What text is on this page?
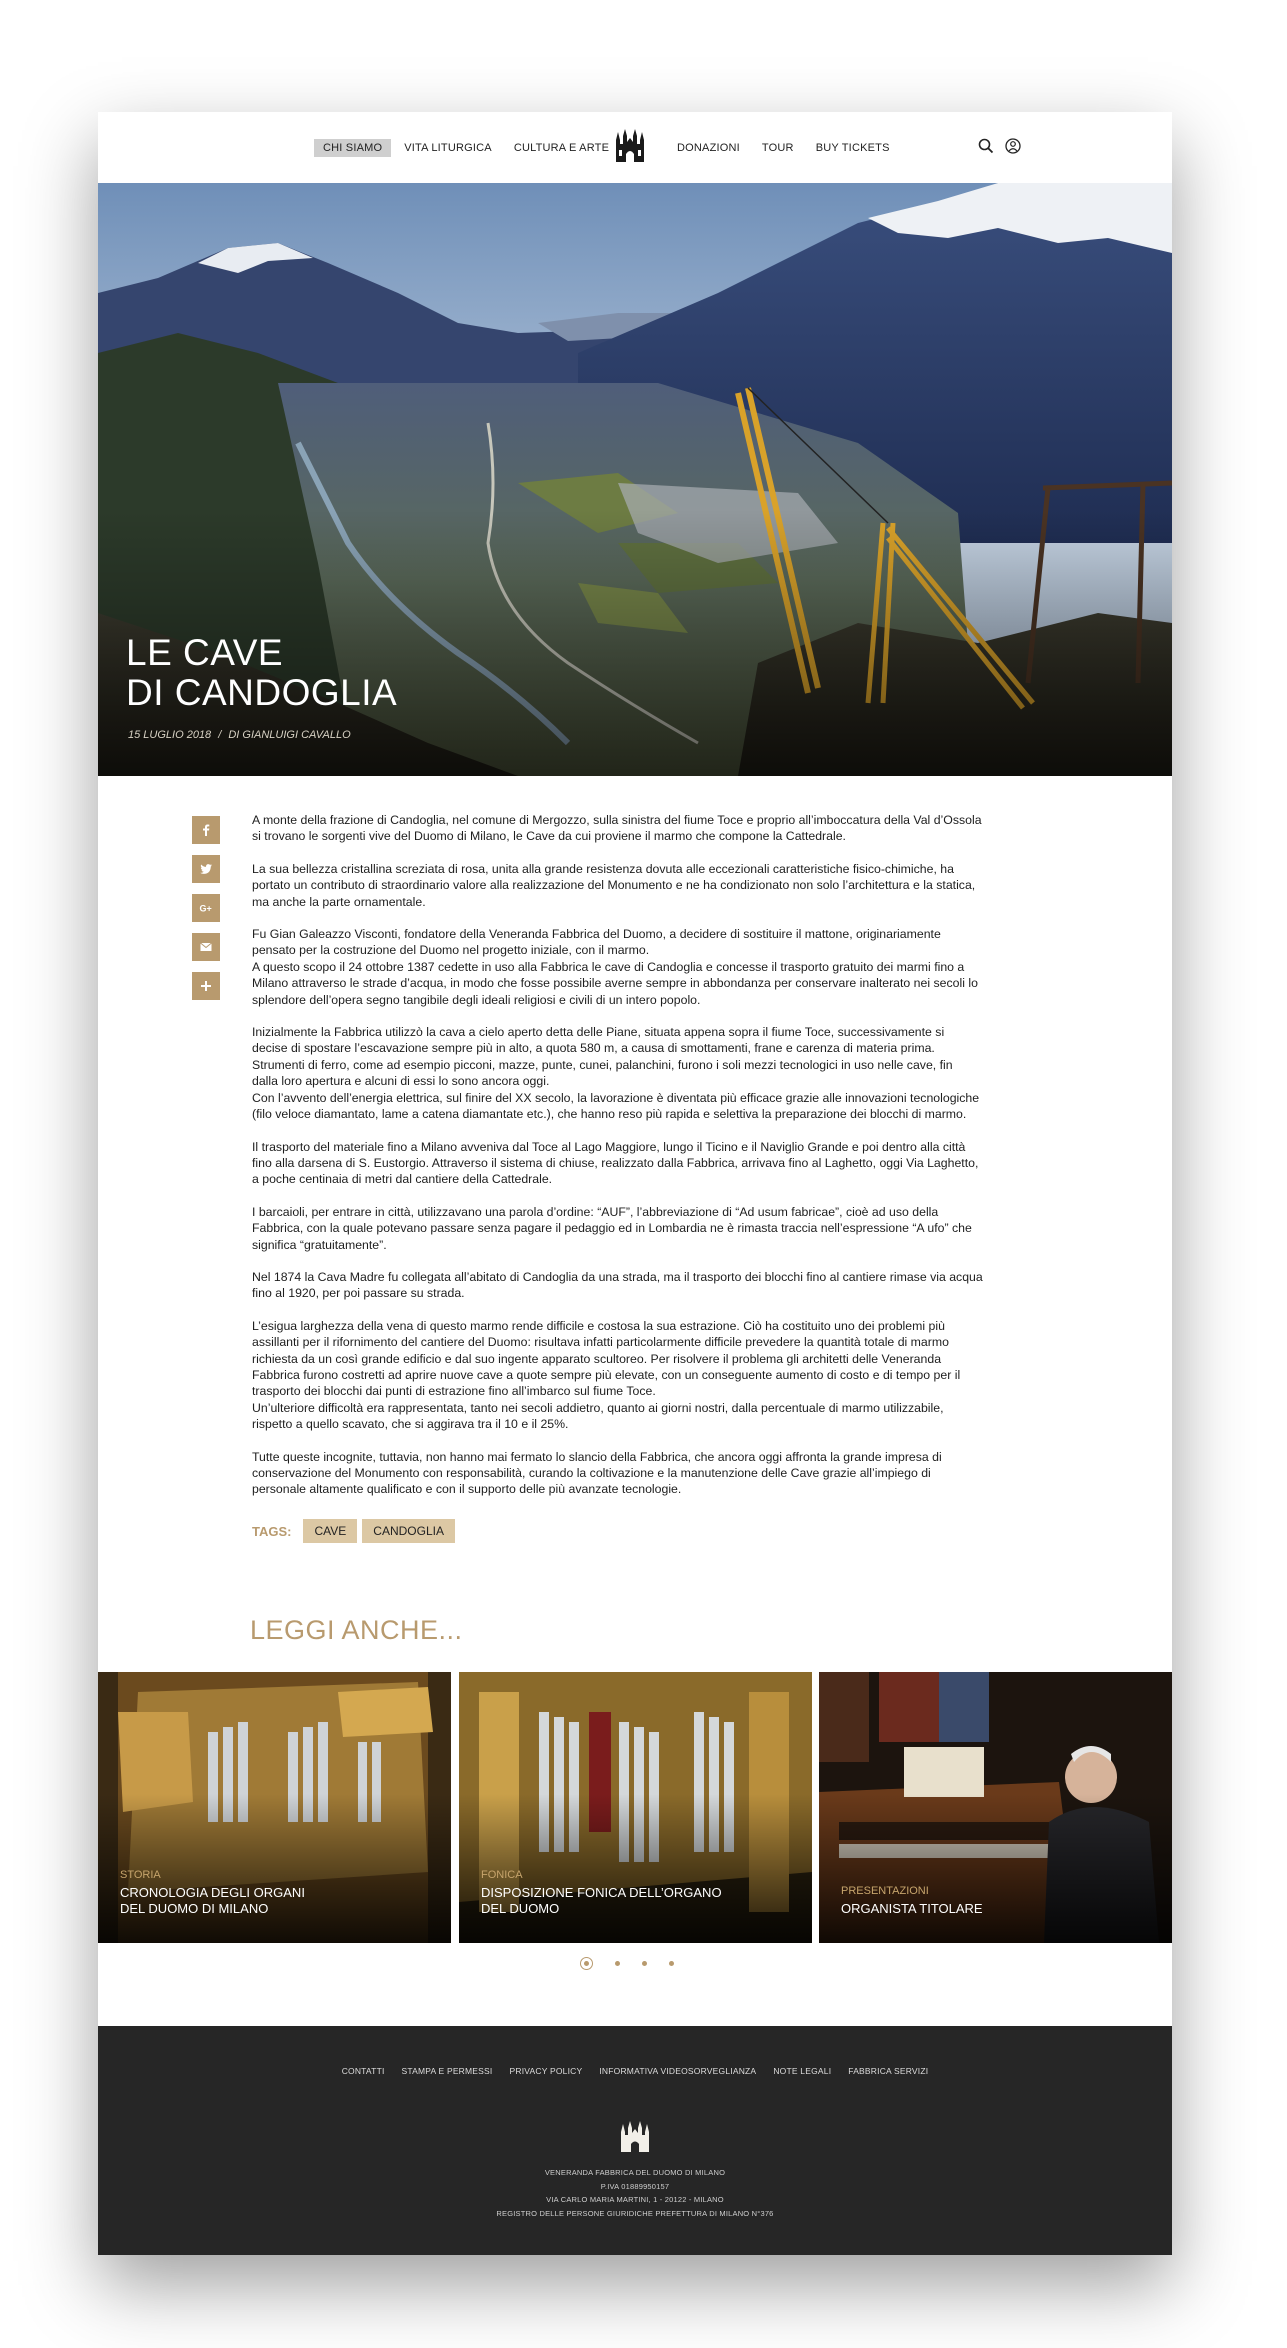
CHI SIAMO	VITA LITURGICA CULTURA E ARTE	DONAZIONI TOUR BUY TICKETS
LE CAVE
DI CANDOGLIA
15 LUGLIO 2018 / DI GIANLUIGI CAVALLO
G+

A monte della frazione di Candoglia, nel comune di Mergozzo, sulla sinistra del fiume Toce e proprio all’imboccatura della Val d’Ossola
si trovano le sorgenti vive del Duomo di Milano, le Cave da cui proviene il marmo che compone la Cattedrale.

La sua bellezza cristallina screziata di rosa, unita alla grande resistenza dovuta alle eccezionali caratteristiche fisico-chimiche, ha
portato un contributo di straordinario valore alla realizzazione del Monumento e ne ha condizionato non solo l’architettura e la statica,
ma anche la parte ornamentale.

Fu Gian Galeazzo Visconti, fondatore della Veneranda Fabbrica del Duomo, a decidere di sostituire il mattone, originariamente
pensato per la costruzione del Duomo nel progetto iniziale, con il marmo.
A questo scopo il 24 ottobre 1387 cedette in uso alla Fabbrica le cave di Candoglia e concesse il trasporto gratuito dei marmi fino a
Milano attraverso le strade d’acqua, in modo che fosse possibile averne sempre in abbondanza per conservare inalterato nei secoli lo
splendore dell’opera segno tangibile degli ideali religiosi e civili di un intero popolo.

Inizialmente la Fabbrica utilizzò la cava a cielo aperto detta delle Piane, situata appena sopra il fiume Toce, successivamente si
decise di spostare l’escavazione sempre più in alto, a quota 580 m, a causa di smottamenti, frane e carenza di materia prima.
Strumenti di ferro, come ad esempio picconi, mazze, punte, cunei, palanchini, furono i soli mezzi tecnologici in uso nelle cave, fin
dalla loro apertura e alcuni di essi lo sono ancora oggi.
Con l’avvento dell’energia elettrica, sul finire del XX secolo, la lavorazione è diventata più efficace grazie alle innovazioni tecnologiche
(filo veloce diamantato, lame a catena diamantate etc.), che hanno reso più rapida e selettiva la preparazione dei blocchi di marmo.

Il trasporto del materiale fino a Milano avveniva dal Toce al Lago Maggiore, lungo il Ticino e il Naviglio Grande e poi dentro alla città
fino alla darsena di S. Eustorgio. Attraverso il sistema di chiuse, realizzato dalla Fabbrica, arrivava fino al Laghetto, oggi Via Laghetto,
a poche centinaia di metri dal cantiere della Cattedrale.

I barcaioli, per entrare in città, utilizzavano una parola d’ordine: “AUF”, l’abbreviazione di “Ad usum fabricae”, cioè ad uso della
Fabbrica, con la quale potevano passare senza pagare il pedaggio ed in Lombardia ne è rimasta traccia nell’espressione “A ufo” che
significa “gratuitamente”.

Nel 1874 la Cava Madre fu collegata all’abitato di Candoglia da una strada, ma il trasporto dei blocchi fino al cantiere rimase via acqua
fino al 1920, per poi passare su strada.

L’esigua larghezza della vena di questo marmo rende difficile e costosa la sua estrazione. Ciò ha costituito uno dei problemi più
assillanti per il rifornimento del cantiere del Duomo: risultava infatti particolarmente difficile prevedere la quantità totale di marmo
richiesta da un così grande edificio e dal suo ingente apparato scultoreo. Per risolvere il problema gli architetti delle Veneranda
Fabbrica furono costretti ad aprire nuove cave a quote sempre più elevate, con un conseguente aumento di costo e di tempo per il
trasporto dei blocchi dai punti di estrazione fino all’imbarco sul fiume Toce.
Un’ulteriore difficoltà era rappresentata, tanto nei secoli addietro, quanto ai giorni nostri, dalla percentuale di marmo utilizzabile,
rispetto a quello scavato, che si aggirava tra il 10 e il 25%.

Tutte queste incognite, tuttavia, non hanno mai fermato lo slancio della Fabbrica, che ancora oggi affronta la grande impresa di
conservazione del Monumento con responsabilità, curando la coltivazione e la manutenzione delle Cave grazie all’impiego di
personale altamente qualificato e con il supporto delle più avanzate tecnologie.

TAGS:	CAVE	CANDOGLIA
LEGGI ANCHE...
STORIA
CRONOLOGIA DEGLI ORGANI
DEL DUOMO DI MILANO
FONICA
DISPOSIZIONE FONICA DELL’ORGANO
DEL DUOMO
PRESENTAZIONI
ORGANISTA TITOLARE
CONTATTI STAMPA E PERMESSI PRIVACY POLICY INFORMATIVA VIDEOSORVEGLIANZA NOTE LEGALI FABBRICA SERVIZI
VENERANDA FABBRICA DEL DUOMO DI MILANO
P.IVA 01889950157
VIA CARLO MARIA MARTINI, 1 - 20122 - MILANO
REGISTRO DELLE PERSONE GIURIDICHE PREFETTURA DI MILANO N°376
